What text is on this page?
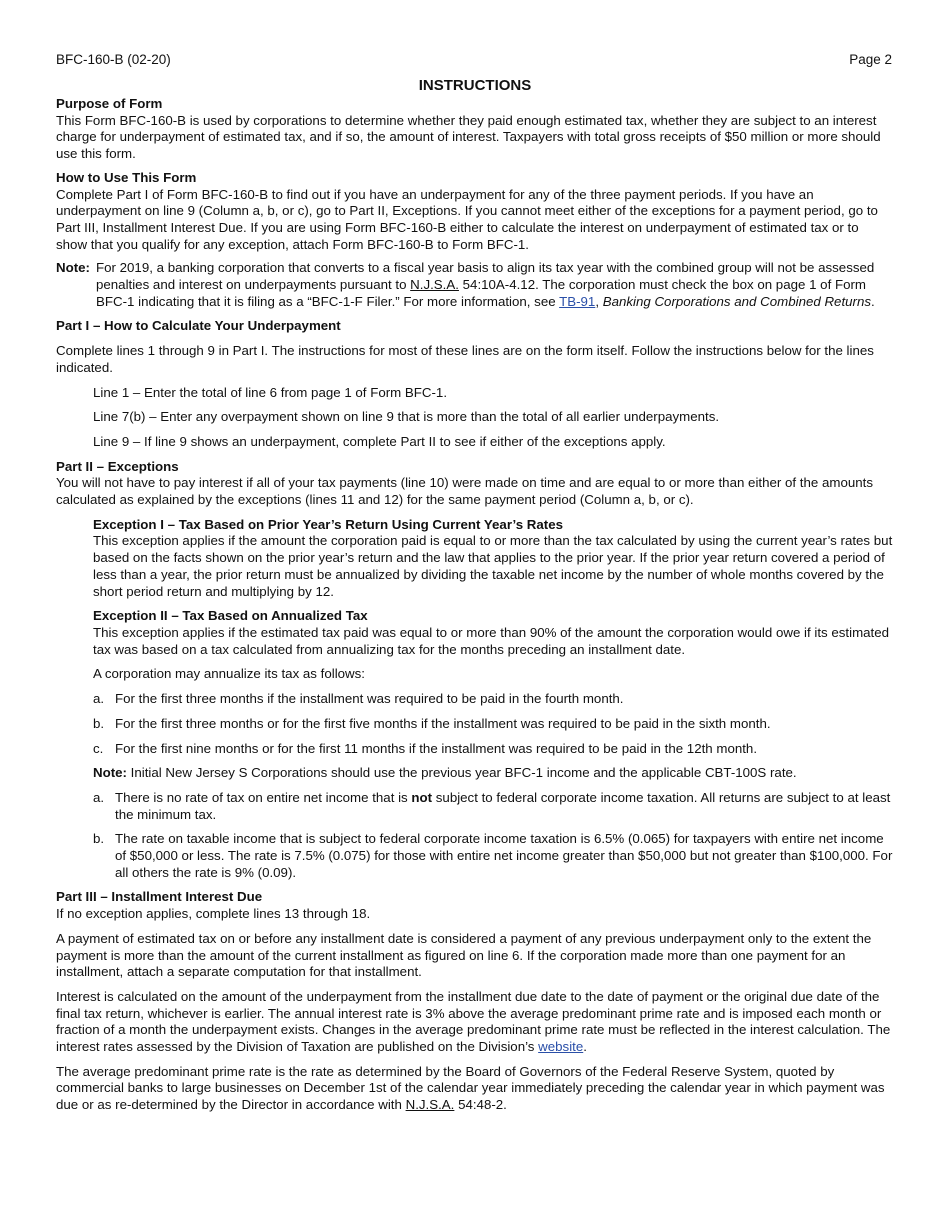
BFC-160-B (02-20)	Page 2
INSTRUCTIONS
Purpose of Form

This Form BFC-160-B is used by corporations to determine whether they paid enough estimated tax, whether they are subject to an interest charge for underpayment of estimated tax, and if so, the amount of interest. Taxpayers with total gross receipts of $50 million or more should use this form.

How to Use This Form

Complete Part I of Form BFC-160-B to find out if you have an underpayment for any of the three payment periods. If you have an underpayment on line 9 (Column a, b, or c), go to Part II, Exceptions. If you cannot meet either of the exceptions for a payment period, go to Part III, Installment Interest Due. If you are using Form BFC-160-B either to calculate the interest on underpayment of estimated tax or to show that you qualify for any exception, attach Form BFC-160-B to Form BFC-1.

Note: For 2019, a banking corporation that converts to a fiscal year basis to align its tax year with the combined group will not be assessed penalties and interest on underpayments pursuant to N.J.S.A. 54:10A-4.12. The corporation must check the box on page 1 of Form BFC-1 indicating that it is filing as a “BFC-1-F Filer.” For more information, see TB-91, Banking Corporations and Combined Returns.
Part I – How to Calculate Your Underpayment

Complete lines 1 through 9 in Part I. The instructions for most of these lines are on the form itself. Follow the instructions below for the lines indicated.

Line 1 – Enter the total of line 6 from page 1 of Form BFC-1.

Line 7(b) – Enter any overpayment shown on line 9 that is more than the total of all earlier underpayments.

Line 9 – If line 9 shows an underpayment, complete Part II to see if either of the exceptions apply.

Part II – Exceptions

You will not have to pay interest if all of your tax payments (line 10) were made on time and are equal to or more than either of the amounts calculated as explained by the exceptions (lines 11 and 12) for the same payment period (Column a, b, or c).

Exception I – Tax Based on Prior Year’s Return Using Current Year’s Rates

This exception applies if the amount the corporation paid is equal to or more than the tax calculated by using the current year’s rates but based on the facts shown on the prior year’s return and the law that applies to the prior year. If the prior year return covered a period of less than a year, the prior return must be annualized by dividing the taxable net income by the number of whole months covered by the short period return and multiplying by 12.

Exception II – Tax Based on Annualized Tax

This exception applies if the estimated tax paid was equal to or more than 90% of the amount the corporation would owe if its estimated tax was based on a tax calculated from annualizing tax for the months preceding an installment date.

A corporation may annualize its tax as follows:

a. For the first three months if the installment was required to be paid in the fourth month.
b. For the first three months or for the first five months if the installment was required to be paid in the sixth month.
c. For the first nine months or for the first 11 months if the installment was required to be paid in the 12th month.

Note: Initial New Jersey S Corporations should use the previous year BFC-1 income and the applicable CBT-100S rate.

a. There is no rate of tax on entire net income that is not subject to federal corporate income taxation. All returns are subject to at least the minimum tax.
b. The rate on taxable income that is subject to federal corporate income taxation is 6.5% (0.065) for taxpayers with entire net income of $50,000 or less. The rate is 7.5% (0.075) for those with entire net income greater than $50,000 but not greater than $100,000. For all others the rate is 9% (0.09).
Part III – Installment Interest Due

If no exception applies, complete lines 13 through 18.

A payment of estimated tax on or before any installment date is considered a payment of any previous underpayment only to the extent the payment is more than the amount of the current installment as figured on line 6. If the corporation made more than one payment for an installment, attach a separate computation for that installment.

Interest is calculated on the amount of the underpayment from the installment due date to the date of payment or the original due date of the final tax return, whichever is earlier. The annual interest rate is 3% above the average predominant prime rate and is imposed each month or fraction of a month the underpayment exists. Changes in the average predominant prime rate must be reflected in the interest calculation. The interest rates assessed by the Division of Taxation are published on the Division’s website.

The average predominant prime rate is the rate as determined by the Board of Governors of the Federal Reserve System, quoted by commercial banks to large businesses on December 1st of the calendar year immediately preceding the calendar year in which payment was due or as re-determined by the Director in accordance with N.J.S.A. 54:48-2.
